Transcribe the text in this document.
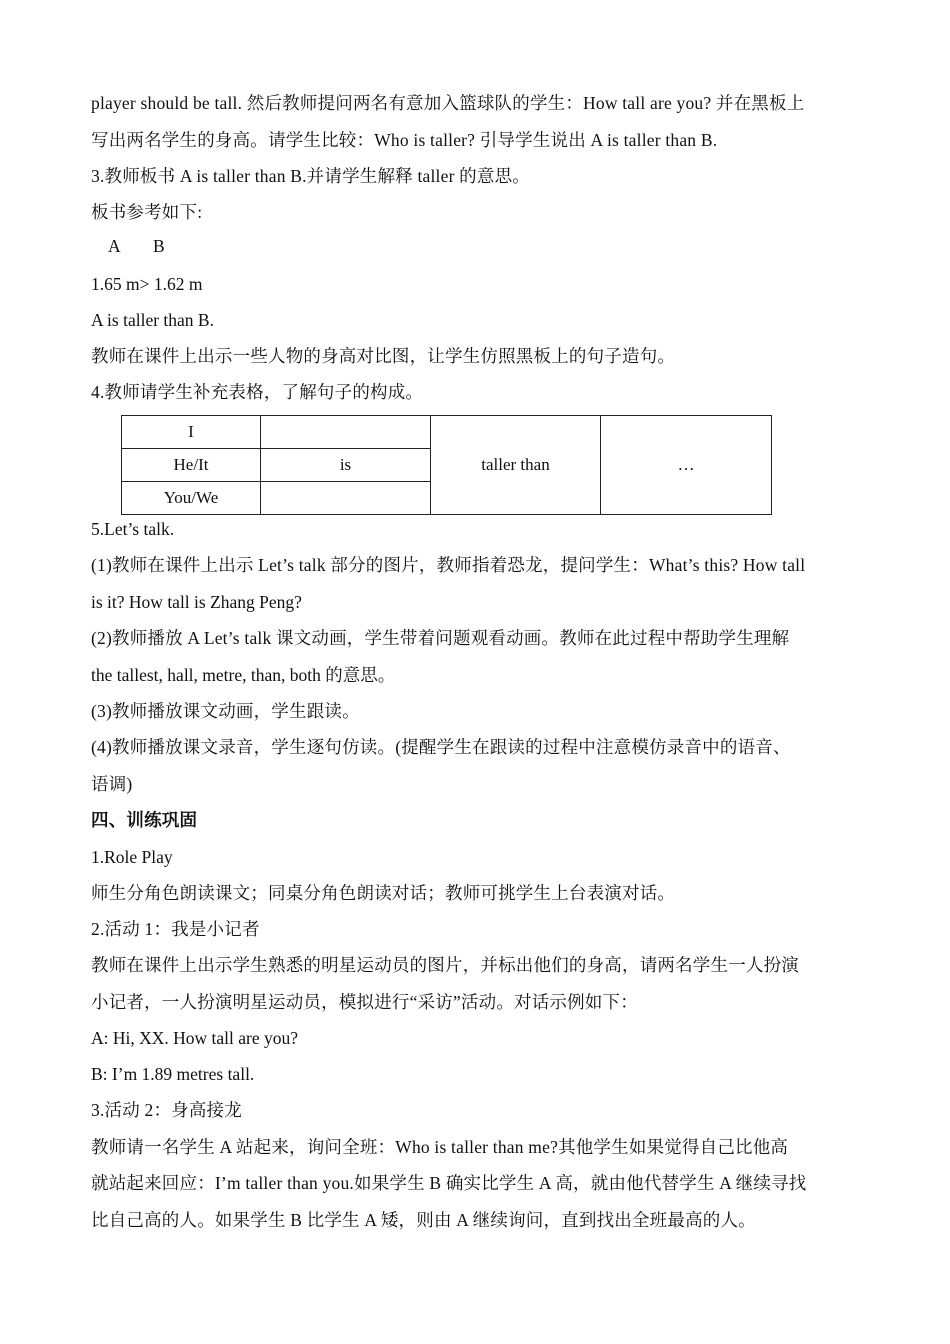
player should be tall. 然后教师提问两名有意加入篮球队的学生：How tall are you? 并在黑板上
写出两名学生的身高。请学生比较：Who is taller? 引导学生说出 A is taller than B.
3.教师板书 A is taller than B.并请学生解释 taller 的意思。
板书参考如下:
A B
1.65 m> 1.62 m
A is taller than B.
教师在课件上出示一些人物的身高对比图，让学生仿照黑板上的句子造句。
4.教师请学生补充表格，了解句子的构成。
I		taller than	…
He/It	is		
You/We			
5.Let’s talk.
(1)教师在课件上出示 Let’s talk 部分的图片，教师指着恐龙，提问学生：What’s this? How tall
is it? How tall is Zhang Peng?
(2)教师播放 A Let’s talk 课文动画，学生带着问题观看动画。教师在此过程中帮助学生理解
the tallest, hall, metre, than, both 的意思。
(3)教师播放课文动画，学生跟读。
(4)教师播放课文录音，学生逐句仿读。(提醒学生在跟读的过程中注意模仿录音中的语音、
语调)
四、训练巩固
1.Role Play
师生分角色朗读课文；同桌分角色朗读对话；教师可挑学生上台表演对话。
2.活动 1：我是小记者
教师在课件上出示学生熟悉的明星运动员的图片，并标出他们的身高，请两名学生一人扮演
小记者，一人扮演明星运动员，模拟进行“采访”活动。对话示例如下：
A: Hi, XX. How tall are you?
B: I’m 1.89 metres tall.
3.活动 2：身高接龙
教师请一名学生 A 站起来，询问全班：Who is taller than me?其他学生如果觉得自己比他高
就站起来回应：I’m taller than you.如果学生 B 确实比学生 A 高，就由他代替学生 A 继续寻找
比自己高的人。如果学生 B 比学生 A 矮，则由 A 继续询问，直到找出全班最高的人。
